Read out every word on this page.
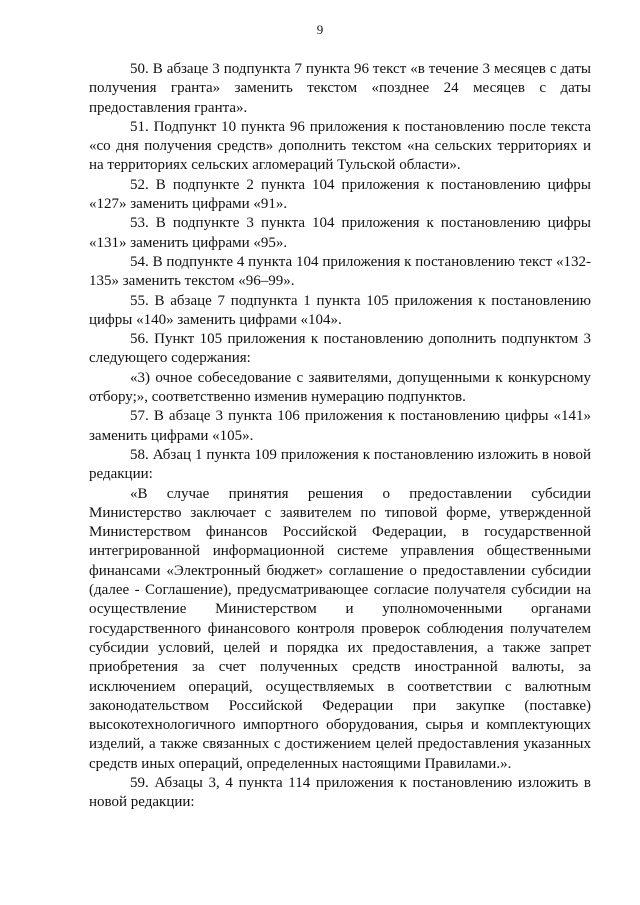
9

50. В абзаце 3 подпункта 7 пункта 96 текст «в течение 3 месяцев с даты получения гранта» заменить текстом «позднее 24 месяцев с даты предоставления гранта».

51. Подпункт 10 пункта 96 приложения к постановлению после текста «со дня получения средств» дополнить текстом «на сельских территориях и на территориях сельских агломераций Тульской области».

52. В подпункте 2 пункта 104 приложения к постановлению цифры «127» заменить цифрами «91».

53. В подпункте 3 пункта 104 приложения к постановлению цифры «131» заменить цифрами «95».

54. В подпункте 4 пункта 104 приложения к постановлению текст «132-135» заменить текстом «96–99».

55. В абзаце 7 подпункта 1 пункта 105 приложения к постановлению цифры «140» заменить цифрами «104».

56. Пункт 105 приложения к постановлению дополнить подпунктом 3 следующего содержания:

«3) очное собеседование с заявителями, допущенными к конкурсному отбору;», соответственно изменив нумерацию подпунктов.

57. В абзаце 3 пункта 106 приложения к постановлению цифры «141» заменить цифрами «105».

58. Абзац 1 пункта 109 приложения к постановлению изложить в новой редакции:

«В случае принятия решения о предоставлении субсидии Министерство заключает с заявителем по типовой форме, утвержденной Министерством финансов Российской Федерации, в государственной интегрированной информационной системе управления общественными финансами «Электронный бюджет» соглашение о предоставлении субсидии (далее - Соглашение), предусматривающее согласие получателя субсидии на осуществление Министерством и уполномоченными органами государственного финансового контроля проверок соблюдения получателем субсидии условий, целей и порядка их предоставления, а также запрет приобретения за счет полученных средств иностранной валюты, за исключением операций, осуществляемых в соответствии с валютным законодательством Российской Федерации при закупке (поставке) высокотехнологичного импортного оборудования, сырья и комплектующих изделий, а также связанных с достижением целей предоставления указанных средств иных операций, определенных настоящими Правилами.».

59. Абзацы 3, 4 пункта 114 приложения к постановлению изложить в новой редакции:
